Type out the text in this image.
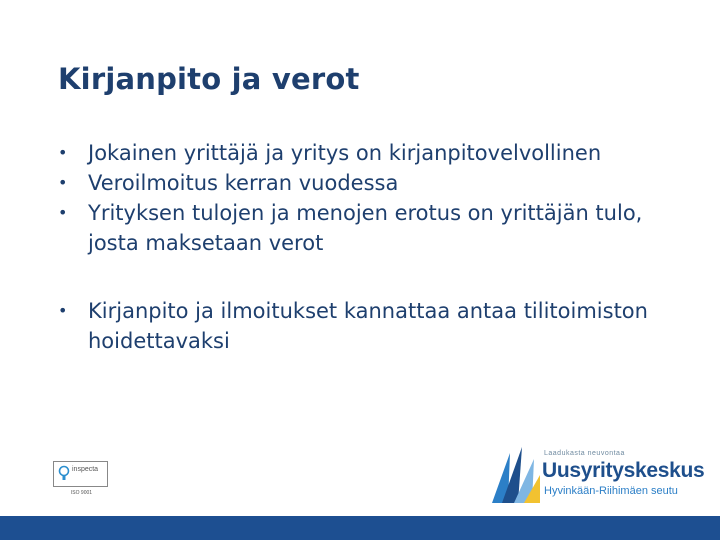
Kirjanpito ja verot
• Jokainen yrittäjä ja yritys on kirjanpitovelvollinen
• Veroilmoitus kerran vuodessa
• Yrityksen tulojen ja menojen erotus on yrittäjän tulo, josta maksetaan verot
• Kirjanpito ja ilmoitukset kannattaa antaa tilitoimiston hoidettavaksi
inspecta
ISO 9001
Laadukasta neuvontaa
Uusyrityskeskus
Hyvinkään-Riihimäen seutu
